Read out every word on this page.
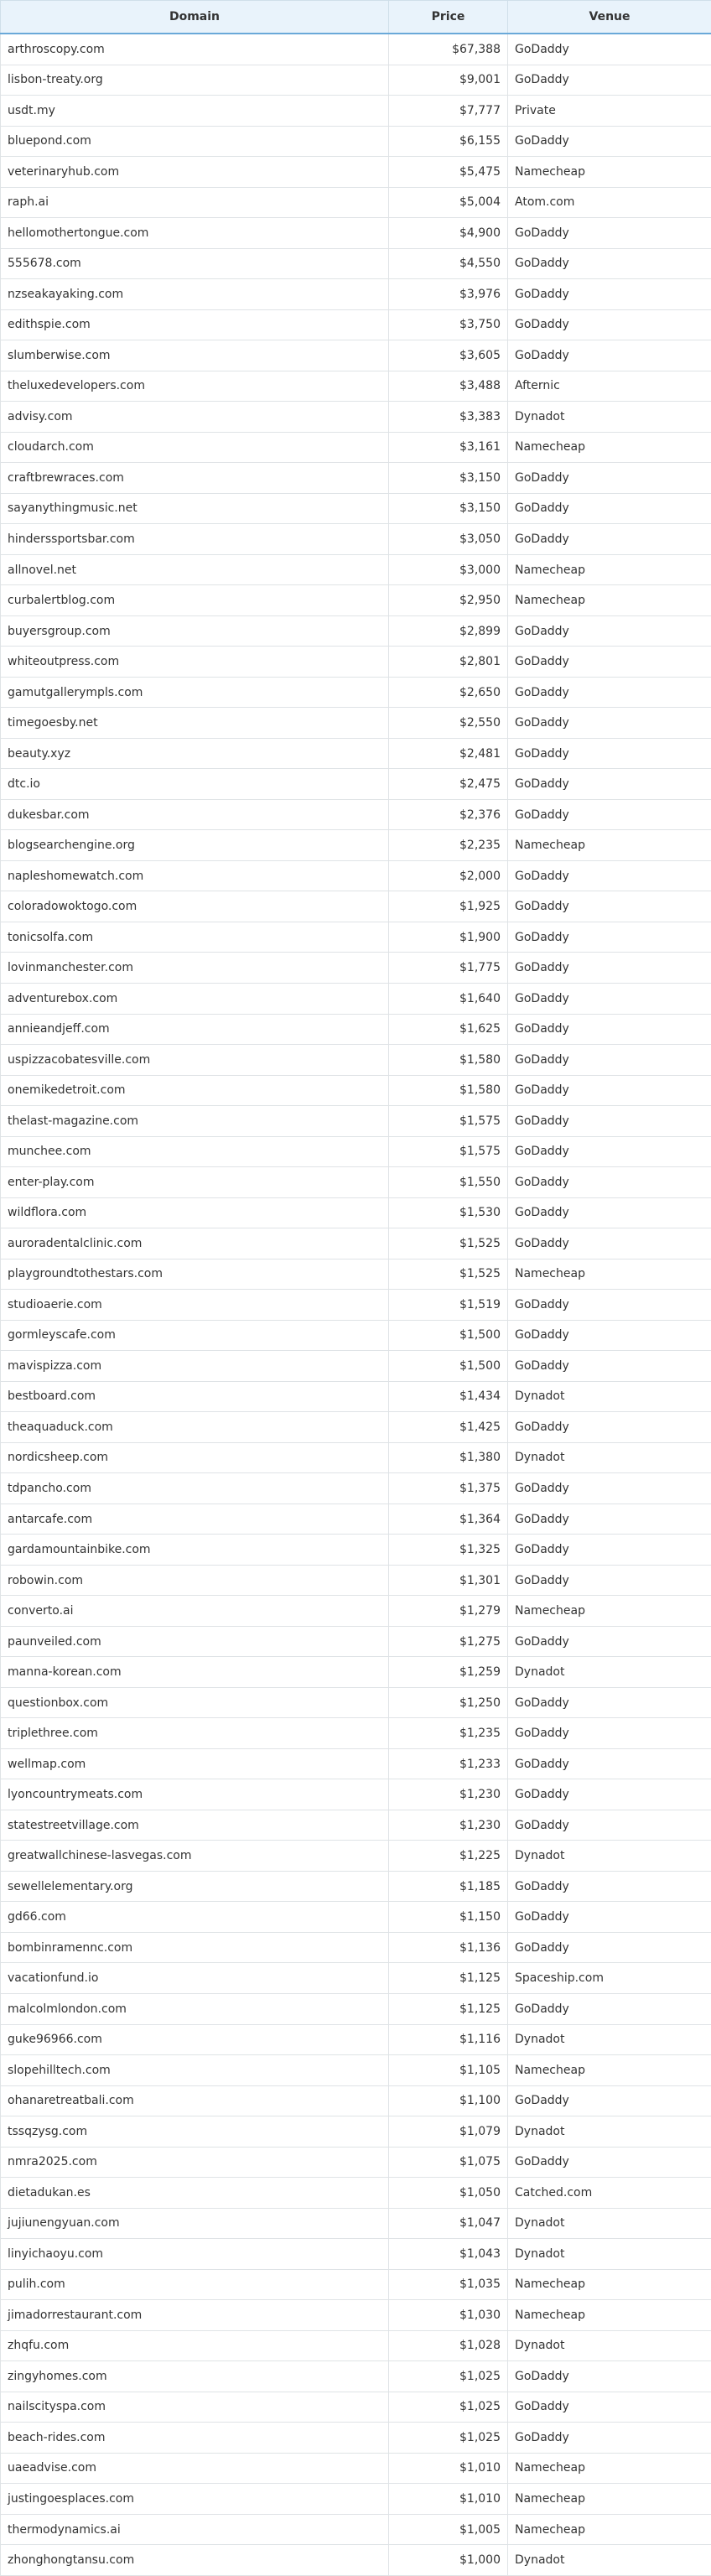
Domain	Price	Venue
arthroscopy.com	$67,388	GoDaddy
lisbon-treaty.org	$9,001	GoDaddy
usdt.my	$7,777	Private
bluepond.com	$6,155	GoDaddy
veterinaryhub.com	$5,475	Namecheap
raph.ai	$5,004	Atom.com
hellomothertongue.com	$4,900	GoDaddy
555678.com	$4,550	GoDaddy
nzseakayaking.com	$3,976	GoDaddy
edithspie.com	$3,750	GoDaddy
slumberwise.com	$3,605	GoDaddy
theluxedevelopers.com	$3,488	Afternic
advisy.com	$3,383	Dynadot
cloudarch.com	$3,161	Namecheap
craftbrewraces.com	$3,150	GoDaddy
sayanythingmusic.net	$3,150	GoDaddy
hinderssportsbar.com	$3,050	GoDaddy
allnovel.net	$3,000	Namecheap
curbalertblog.com	$2,950	Namecheap
buyersgroup.com	$2,899	GoDaddy
whiteoutpress.com	$2,801	GoDaddy
gamutgallerympls.com	$2,650	GoDaddy
timegoesby.net	$2,550	GoDaddy
beauty.xyz	$2,481	GoDaddy
dtc.io	$2,475	GoDaddy
dukesbar.com	$2,376	GoDaddy
blogsearchengine.org	$2,235	Namecheap
napleshomewatch.com	$2,000	GoDaddy
coloradowoktogo.com	$1,925	GoDaddy
tonicsolfa.com	$1,900	GoDaddy
lovinmanchester.com	$1,775	GoDaddy
adventurebox.com	$1,640	GoDaddy
annieandjeff.com	$1,625	GoDaddy
uspizzacobatesville.com	$1,580	GoDaddy
onemikedetroit.com	$1,580	GoDaddy
thelast-magazine.com	$1,575	GoDaddy
munchee.com	$1,575	GoDaddy
enter-play.com	$1,550	GoDaddy
wildflora.com	$1,530	GoDaddy
auroradentalclinic.com	$1,525	GoDaddy
playgroundtothestars.com	$1,525	Namecheap
studioaerie.com	$1,519	GoDaddy
gormleyscafe.com	$1,500	GoDaddy
mavispizza.com	$1,500	GoDaddy
bestboard.com	$1,434	Dynadot
theaquaduck.com	$1,425	GoDaddy
nordicsheep.com	$1,380	Dynadot
tdpancho.com	$1,375	GoDaddy
antarcafe.com	$1,364	GoDaddy
gardamountainbike.com	$1,325	GoDaddy
robowin.com	$1,301	GoDaddy
converto.ai	$1,279	Namecheap
paunveiled.com	$1,275	GoDaddy
manna-korean.com	$1,259	Dynadot
questionbox.com	$1,250	GoDaddy
triplethree.com	$1,235	GoDaddy
wellmap.com	$1,233	GoDaddy
lyoncountrymeats.com	$1,230	GoDaddy
statestreetvillage.com	$1,230	GoDaddy
greatwallchinese-lasvegas.com	$1,225	Dynadot
sewellelementary.org	$1,185	GoDaddy
gd66.com	$1,150	GoDaddy
bombinramennc.com	$1,136	GoDaddy
vacationfund.io	$1,125	Spaceship.com
malcolmlondon.com	$1,125	GoDaddy
guke96966.com	$1,116	Dynadot
slopehilltech.com	$1,105	Namecheap
ohanaretreatbali.com	$1,100	GoDaddy
tssqzysg.com	$1,079	Dynadot
nmra2025.com	$1,075	GoDaddy
dietadukan.es	$1,050	Catched.com
jujiunengyuan.com	$1,047	Dynadot
linyichaoyu.com	$1,043	Dynadot
pulih.com	$1,035	Namecheap
jimadorrestaurant.com	$1,030	Namecheap
zhqfu.com	$1,028	Dynadot
zingyhomes.com	$1,025	GoDaddy
nailscityspa.com	$1,025	GoDaddy
beach-rides.com	$1,025	GoDaddy
uaeadvise.com	$1,010	Namecheap
justingoesplaces.com	$1,010	Namecheap
thermodynamics.ai	$1,005	Namecheap
zhonghongtansu.com	$1,000	Dynadot
